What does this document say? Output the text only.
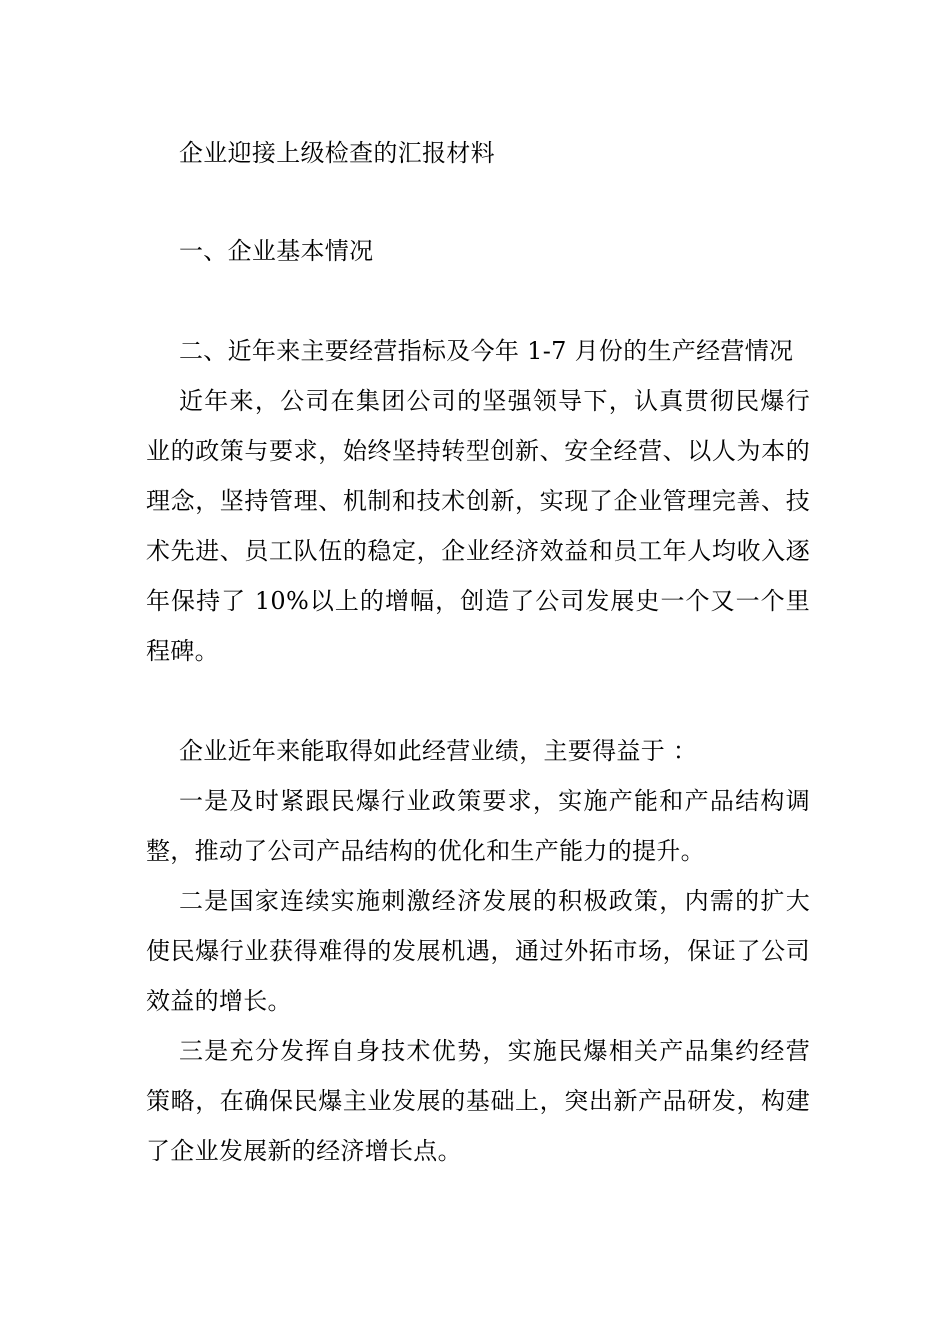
企业迎接上级检查的汇报材料

一、企业基本情况

二、近年来主要经营指标及今年 1-7 月份的生产经营情况

近年来，公司在集团公司的坚强领导下，认真贯彻民爆行业的政策与要求，始终坚持转型创新、安全经营、以人为本的理念，坚持管理、机制和技术创新，实现了企业管理完善、技术先进、员工队伍的稳定，企业经济效益和员工年人均收入逐年保持了 10%以上的增幅，创造了公司发展史一个又一个里程碑。

企业近年来能取得如此经营业绩，主要得益于 ：

一是及时紧跟民爆行业政策要求，实施产能和产品结构调整，推动了公司产品结构的优化和生产能力的提升。

二是国家连续实施刺激经济发展的积极政策，内需的扩大使民爆行业获得难得的发展机遇，通过外拓市场，保证了公司效益的增长。

三是充分发挥自身技术优势，实施民爆相关产品集约经营策略，在确保民爆主业发展的基础上，突出新产品研发，构建了企业发展新的经济增长点。
